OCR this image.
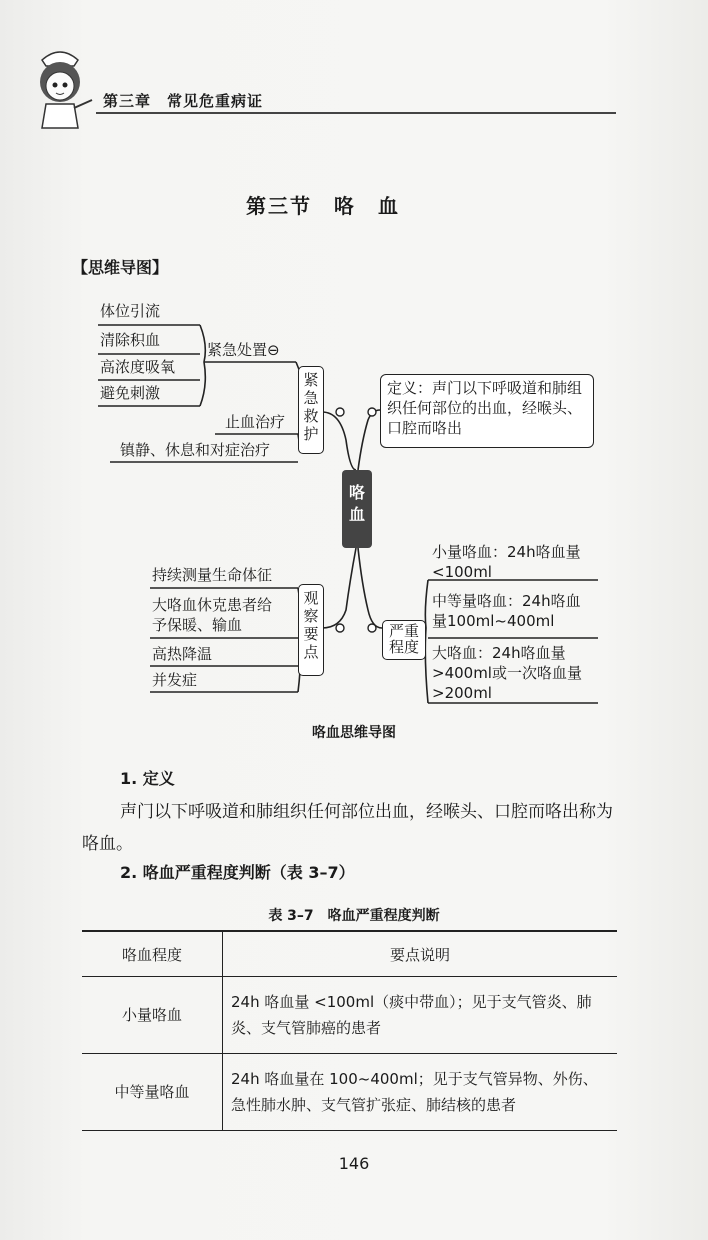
第三章　常见危重病证
第三节　咯　血
【思维导图】
体位引流
清除积血
高浓度吸氧
避免刺激
紧急处置⊖
止血治疗
镇静、休息和对症治疗
紧急救护
定义：声门以下呼吸道和肺组织任何部位的出血，经喉头、口腔而咯出
咯血
持续测量生命体征
大咯血休克患者给予保暖、输血
高热降温
并发症
观察要点
严重程度
小量咯血：24h咯血量<100ml
中等量咯血：24h咯血量100ml~400ml
大咯血：24h咯血量>400ml或一次咯血量>200ml
咯血思维导图
1. 定义
声门以下呼吸道和肺组织任何部位出血，经喉头、口腔而咯出称为咯血。
2. 咯血严重程度判断（表 3–7）
表 3–7　咯血严重程度判断
咯血程度	要点说明
小量咯血	24h 咯血量 <100ml（痰中带血）；见于支气管炎、肺炎、支气管肺癌的患者
中等量咯血	24h 咯血量在 100~400ml；见于支气管异物、外伤、急性肺水肿、支气管扩张症、肺结核的患者
146
